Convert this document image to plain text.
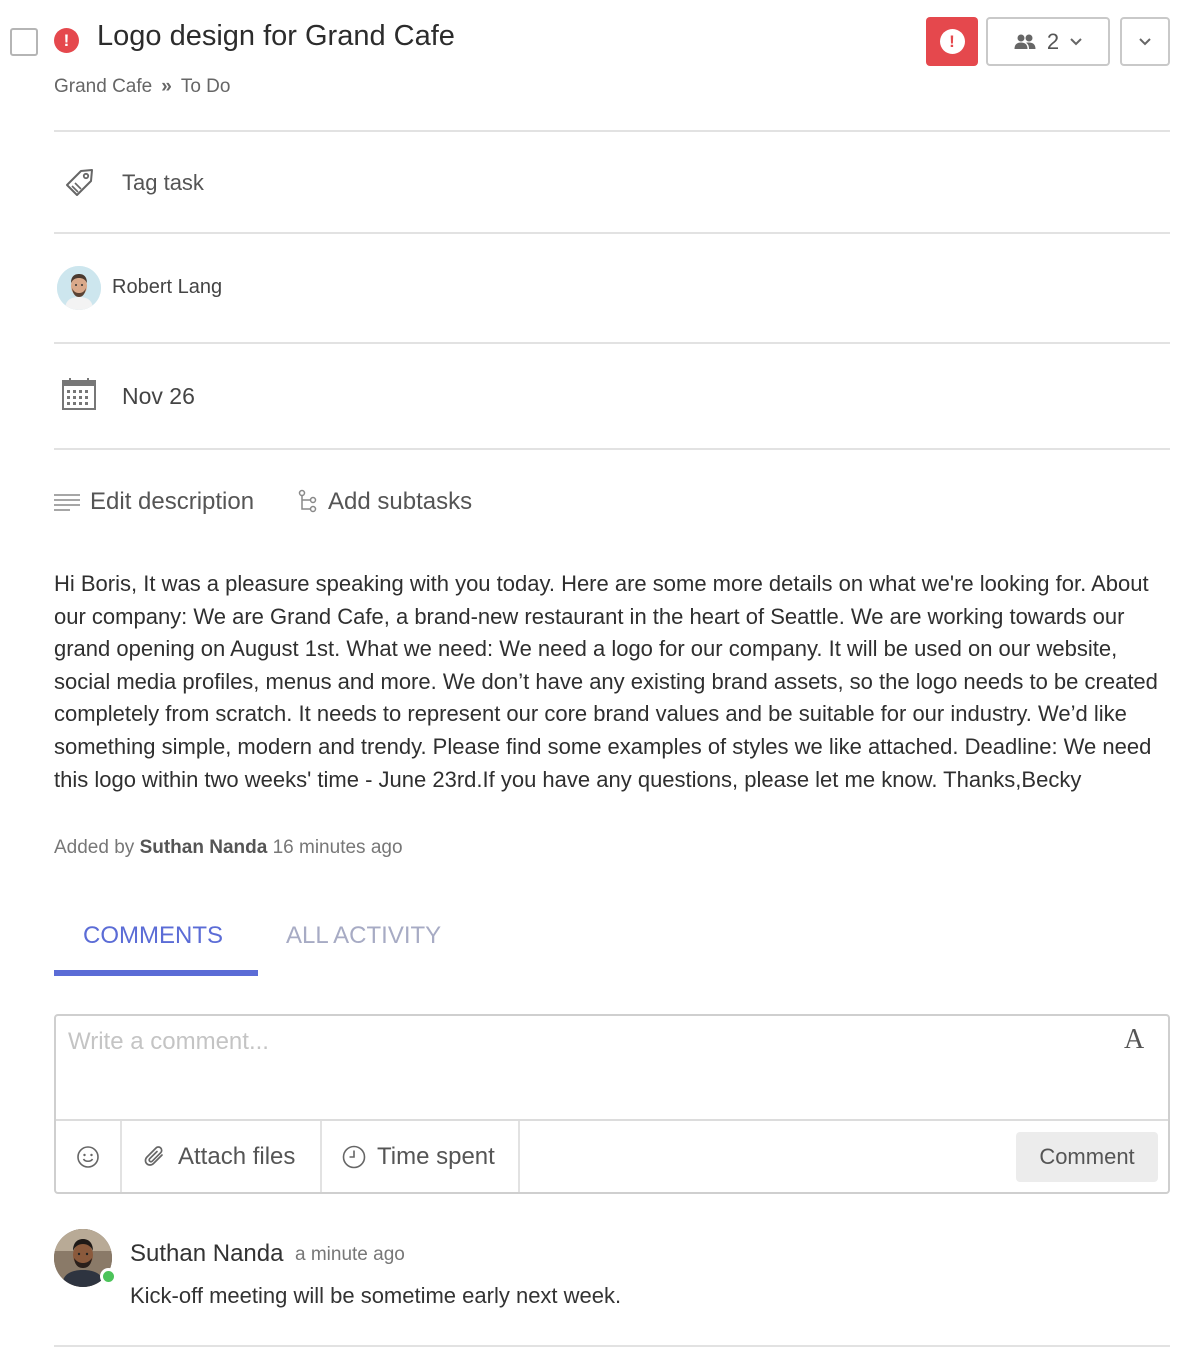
! Logo design for Grand Cafe	!	2
Grand Cafe » To Do
Tag task
Robert Lang
Nov 26
Edit description	Add subtasks
Hi Boris, It was a pleasure speaking with you today. Here are some more details on what we're looking for. About our company: We are Grand Cafe, a brand-new restaurant in the heart of Seattle. We are working towards our grand opening on August 1st. What we need: We need a logo for our company. It will be used on our website, social media profiles, menus and more. We don’t have any existing brand assets, so the logo needs to be created completely from scratch. It needs to represent our core brand values and be suitable for our industry. We’d like something simple, modern and trendy. Please find some examples of styles we like attached. Deadline: We need this logo within two weeks' time - June 23rd.If you have any questions, please let me know. Thanks,Becky
Added by Suthan Nanda 16 minutes ago
COMMENTS	ALL ACTIVITY
Write a comment...
A
Attach files	Time spent	Comment
Suthan Nanda a minute ago
Kick-off meeting will be sometime early next week.
